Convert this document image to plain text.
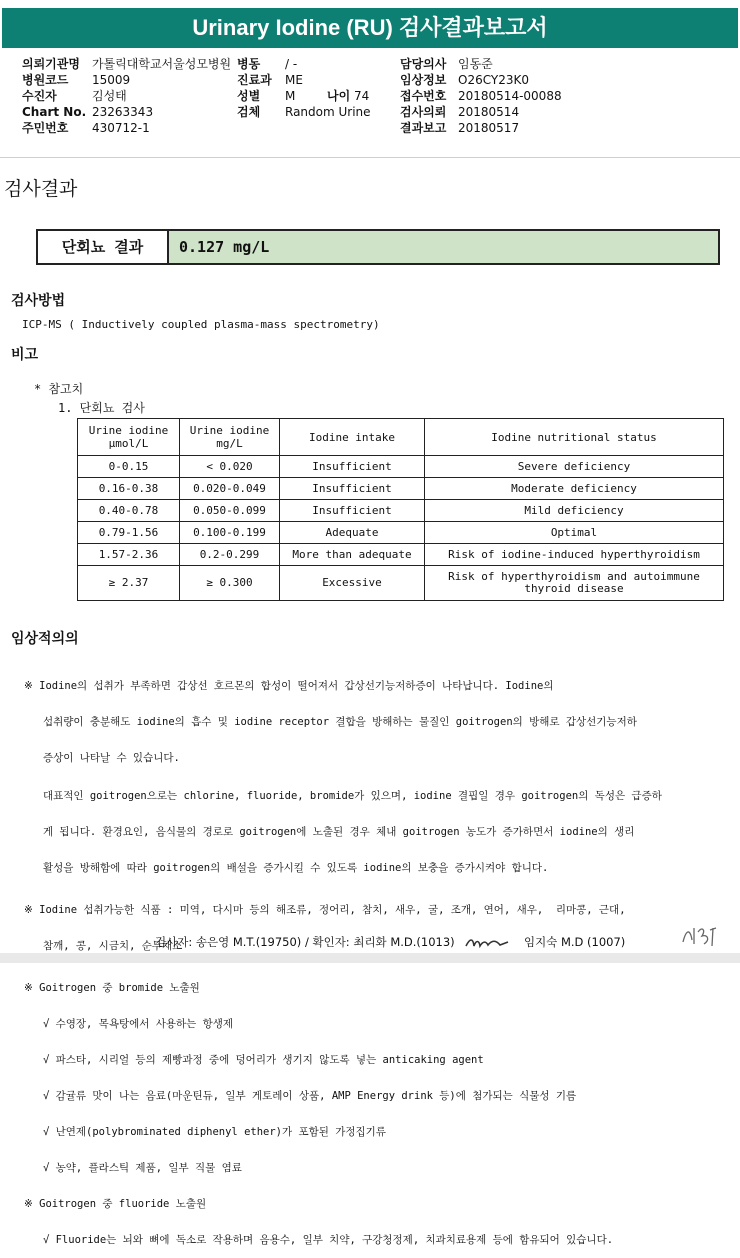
Urinary Iodine (RU) 검사결과보고서
의뢰기관명 가톨릭대학교서울성모병원
병원코드 15009
수진자	김성태
Chart No. 23263343
주민번호 430712-1
병동 / -
진료과 ME
성별 M	나이 74
검체 Random Urine
담당의사 임동준
임상정보 O26CY23K0
접수번호 20180514-00088
검사의뢰 20180514
결과보고 20180517
검사결과
단회뇨 결과	0.127 mg/L
검사방법
ICP-MS ( Inductively coupled plasma-mass spectrometry)
비고
* 참고치
1. 단회뇨 검사
Urine iodine μmol/L	Urine iodine mg/L	Iodine intake	Iodine nutritional status
0-0.15	< 0.020	Insufficient	Severe deficiency
0.16-0.38	0.020-0.049	Insufficient	Moderate deficiency
0.40-0.78	0.050-0.099	Insufficient	Mild deficiency
0.79-1.56	0.100-0.199	Adequate	Optimal
1.57-2.36	0.2-0.299	More than adequate	Risk of iodine-induced hyperthyroidism
≥ 2.37	≥ 0.300	Excessive	Risk of hyperthyroidism and autoimmune thyroid disease
임상적의의

※ Iodine의 섭취가 부족하면 갑상선 호르몬의 합성이 떨어져서 갑상선기능저하증이 나타납니다. Iodine의

섭취량이 충분해도 iodine의 흡수 및 iodine receptor 결합을 방해하는 물질인 goitrogen의 방해로 갑상선기능저하

증상이 나타날 수 있습니다.

대표적인 goitrogen으로는 chlorine, fluoride, bromide가 있으며, iodine 결핍일 경우 goitrogen의 독성은 급증하

게 됩니다. 환경요인, 음식물의 경로로 goitrogen에 노출된 경우 체내 goitrogen 농도가 증가하면서 iodine의 생리

활성을 방해함에 따라 goitrogen의 배설을 증가시킬 수 있도록 iodine의 보충을 증가시켜야 합니다.

※ Iodine 섭취가능한 식품 : 미역, 다시마 등의 해조류, 정어리, 참치, 새우, 굴, 조개, 연어, 새우,  리마콩, 근대,

참깨, 콩, 시금치, 순무채소

※ Goitrogen 중 bromide 노출원

√ 수영장, 목욕탕에서 사용하는 항생제

√ 파스타, 시리얼 등의 제빵과정 중에 덩어리가 생기지 않도록 넣는 anticaking agent

√ 감귤류 맛이 나는 음료(마운틴듀, 일부 게토레이 상품, AMP Energy drink 등)에 첨가되는 식물성 기름

√ 난연제(polybrominated diphenyl ether)가 포함된 가정집기류

√ 농약, 플라스틱 제품, 일부 직물 염료

※ Goitrogen 중 fluoride 노출원

√ Fluoride는 뇌와 뼈에 독소로 작용하며 음용수, 일부 치약, 구강청정제, 치과치료용제 등에 함유되어 있습니다.

검사자: 송은영 M.T.(19750) / 확인자: 최리화 M.D.(1013)	임지숙 M.D (1007)
